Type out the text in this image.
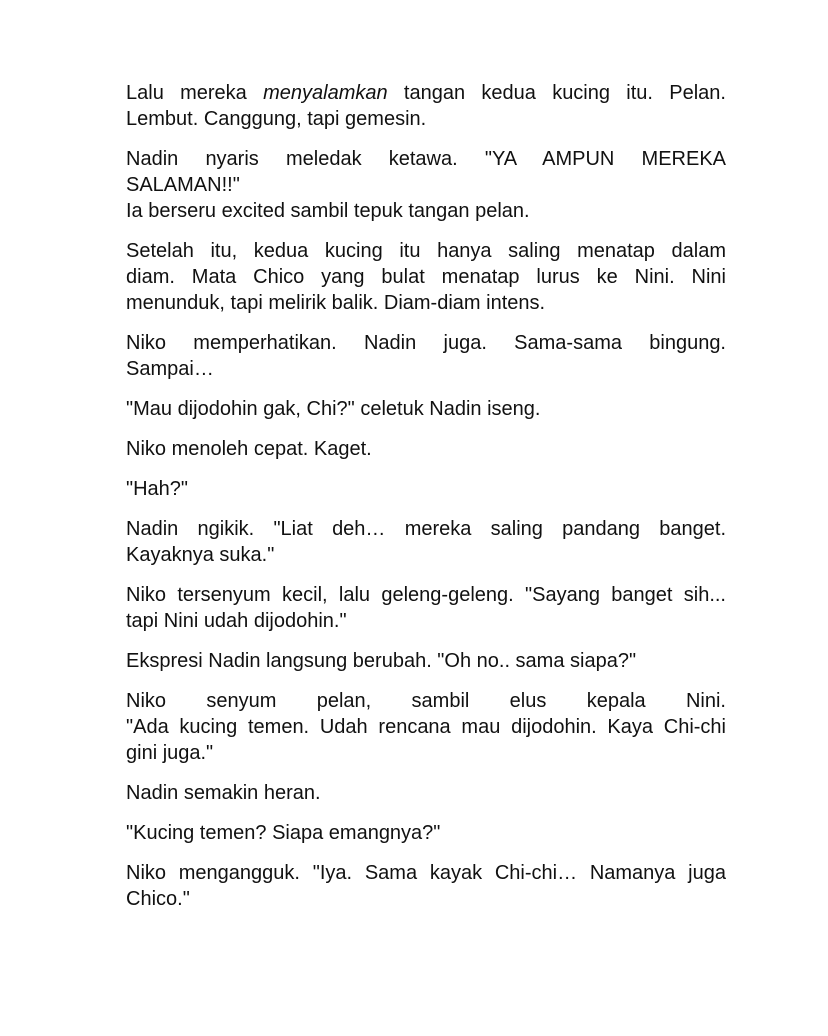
Lalu mereka menyalamkan tangan kedua kucing itu. Pelan.
Lembut. Canggung, tapi gemesin.
Nadin nyaris meledak ketawa. "YA AMPUN MEREKA
SALAMAN!!"
Ia berseru excited sambil tepuk tangan pelan.
Setelah itu, kedua kucing itu hanya saling menatap dalam
diam. Mata Chico yang bulat menatap lurus ke Nini. Nini
menunduk, tapi melirik balik. Diam-diam intens.
Niko memperhatikan. Nadin juga. Sama-sama bingung.
Sampai…
"Mau dijodohin gak, Chi?" celetuk Nadin iseng.
Niko menoleh cepat. Kaget.
"Hah?"
Nadin ngikik. "Liat deh… mereka saling pandang banget.
Kayaknya suka."
Niko tersenyum kecil, lalu geleng-geleng. "Sayang banget sih...
tapi Nini udah dijodohin."
Ekspresi Nadin langsung berubah. "Oh no.. sama siapa?"
Niko senyum pelan, sambil elus kepala Nini.
"Ada kucing temen. Udah rencana mau dijodohin. Kaya Chi-chi
gini juga."
Nadin semakin heran.
"Kucing temen? Siapa emangnya?"
Niko mengangguk. "Iya. Sama kayak Chi-chi… Namanya juga
Chico."
